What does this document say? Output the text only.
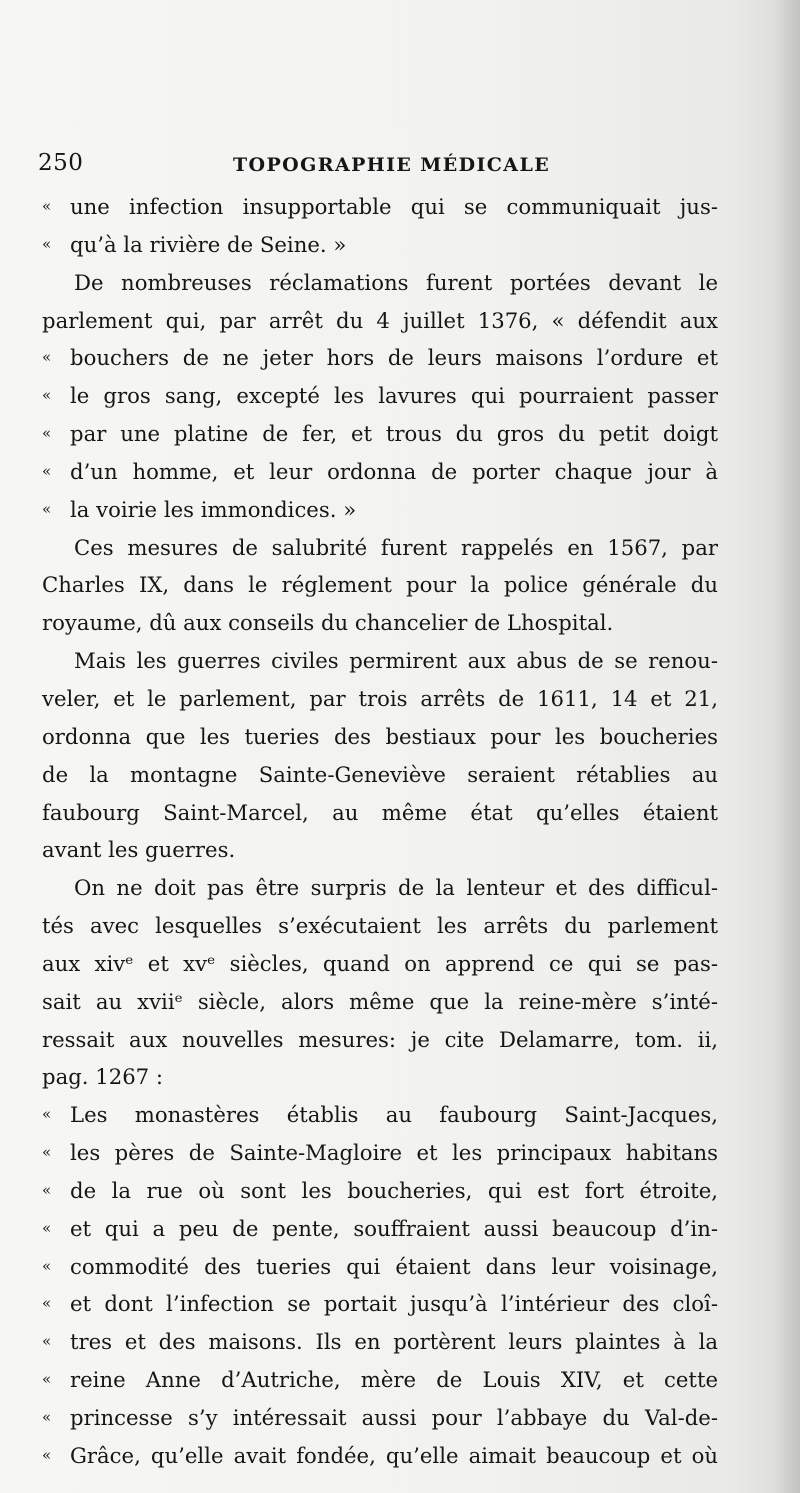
250	TOPOGRAPHIE MÉDICALE
« une infection insupportable qui se communiquait jus-
« qu’à la rivière de Seine. »
De nombreuses réclamations furent portées devant le
parlement qui, par arrêt du 4 juillet 1376, « défendit aux
« bouchers de ne jeter hors de leurs maisons l’ordure et
« le gros sang, excepté les lavures qui pourraient passer
« par une platine de fer, et trous du gros du petit doigt
« d’un homme, et leur ordonna de porter chaque jour à
« la voirie les immondices. »
Ces mesures de salubrité furent rappelés en 1567, par
Charles IX, dans le réglement pour la police générale du
royaume, dû aux conseils du chancelier de Lhospital.
Mais les guerres civiles permirent aux abus de se renou-
veler, et le parlement, par trois arrêts de 1611, 14 et 21,
ordonna que les tueries des bestiaux pour les boucheries
de la montagne Sainte-Geneviève seraient rétablies au
faubourg Saint-Marcel, au même état qu’elles étaient
avant les guerres.
On ne doit pas être surpris de la lenteur et des difficul-
tés avec lesquelles s’exécutaient les arrêts du parlement
aux xivᵉ et xvᵉ siècles, quand on apprend ce qui se pas-
sait au xviiᵉ siècle, alors même que la reine-mère s’inté-
ressait aux nouvelles mesures: je cite Delamarre, tom. ii,
pag. 1267 :
« Les monastères établis au faubourg Saint-Jacques,
« les pères de Sainte-Magloire et les principaux habitans
« de la rue où sont les boucheries, qui est fort étroite,
« et qui a peu de pente, souffraient aussi beaucoup d’in-
« commodité des tueries qui étaient dans leur voisinage,
« et dont l’infection se portait jusqu’à l’intérieur des cloî-
« tres et des maisons. Ils en portèrent leurs plaintes à la
« reine Anne d’Autriche, mère de Louis XIV, et cette
« princesse s’y intéressait aussi pour l’abbaye du Val-de-
« Grâce, qu’elle avait fondée, qu’elle aimait beaucoup et où
